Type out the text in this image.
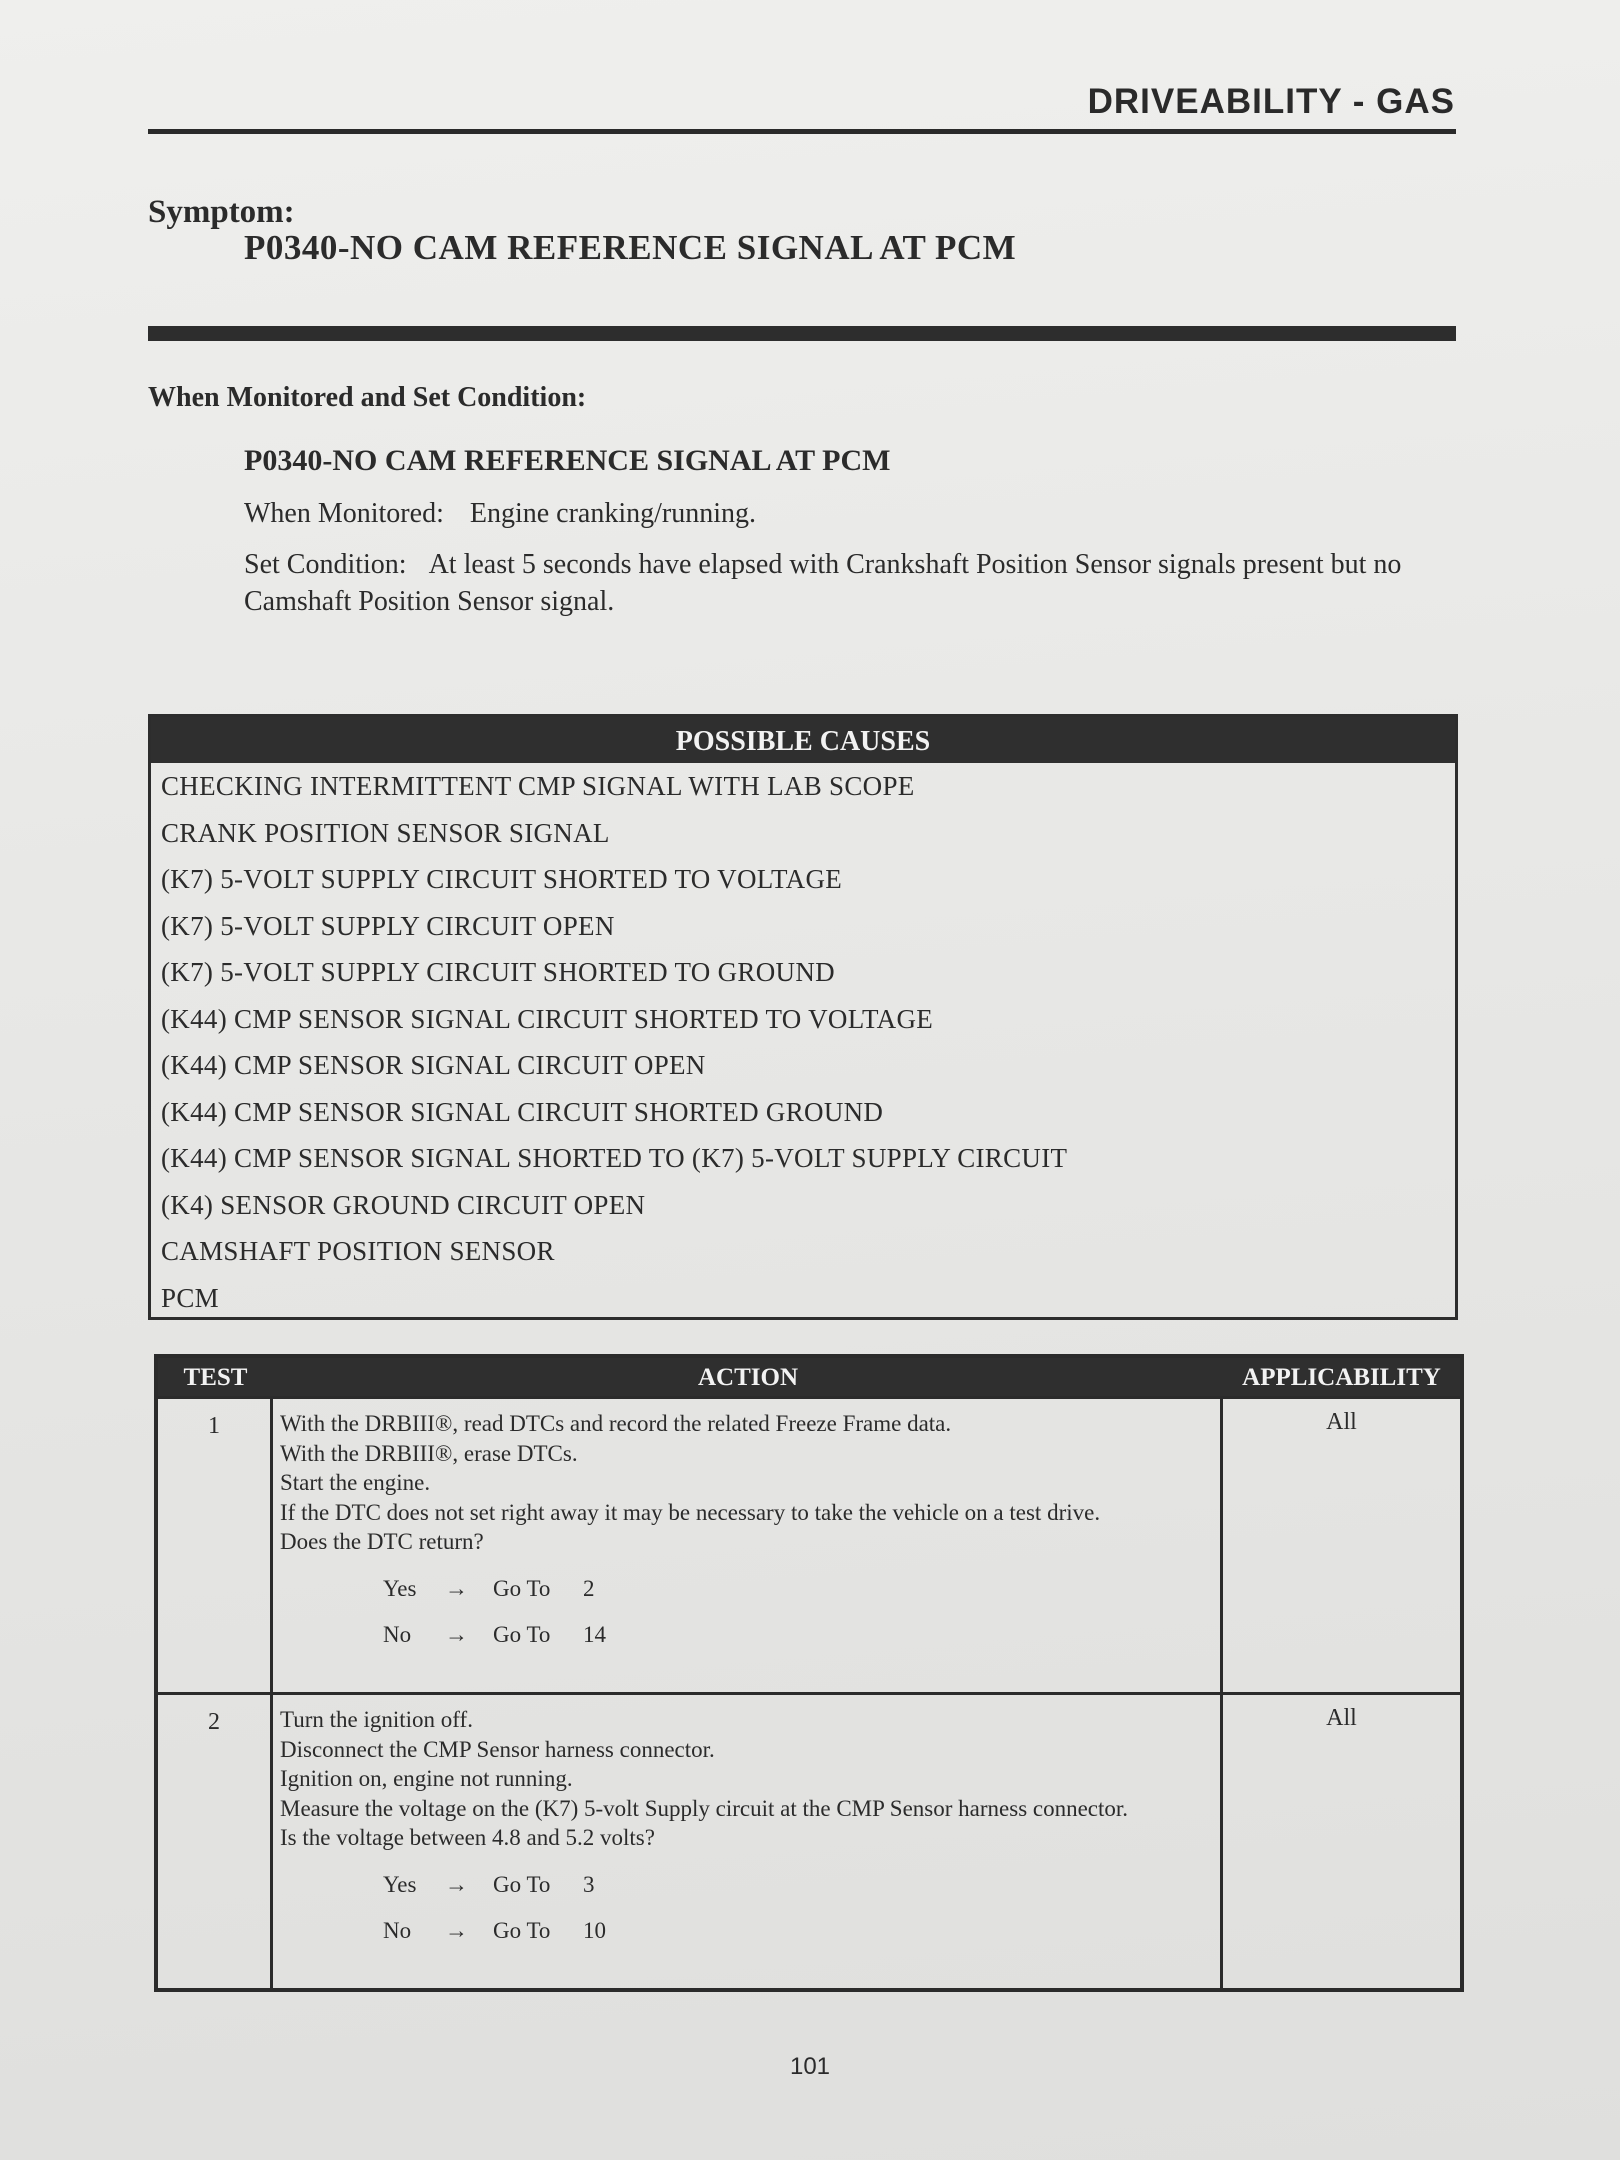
DRIVEABILITY - GAS
Symptom:
P0340-NO CAM REFERENCE SIGNAL AT PCM
When Monitored and Set Condition:
P0340-NO CAM REFERENCE SIGNAL AT PCM
When Monitored: Engine cranking/running.
Set Condition: At least 5 seconds have elapsed with Crankshaft Position Sensor signals present but no Camshaft Position Sensor signal.
POSSIBLE CAUSES
CHECKING INTERMITTENT CMP SIGNAL WITH LAB SCOPE
CRANK POSITION SENSOR SIGNAL
(K7) 5-VOLT SUPPLY CIRCUIT SHORTED TO VOLTAGE
(K7) 5-VOLT SUPPLY CIRCUIT OPEN
(K7) 5-VOLT SUPPLY CIRCUIT SHORTED TO GROUND
(K44) CMP SENSOR SIGNAL CIRCUIT SHORTED TO VOLTAGE
(K44) CMP SENSOR SIGNAL CIRCUIT OPEN
(K44) CMP SENSOR SIGNAL CIRCUIT SHORTED GROUND
(K44) CMP SENSOR SIGNAL SHORTED TO (K7) 5-VOLT SUPPLY CIRCUIT
(K4) SENSOR GROUND CIRCUIT OPEN
CAMSHAFT POSITION SENSOR
PCM
TEST	ACTION	APPLICABILITY
1	With the DRBIII®, read DTCs and record the related Freeze Frame data.
With the DRBIII®, erase DTCs.
Start the engine.
If the DTC does not set right away it may be necessary to take the vehicle on a test drive.
Does the DTC return?
Yes	→	Go To	2
No	→	Go To	14
All
2	Turn the ignition off.
Disconnect the CMP Sensor harness connector.
Ignition on, engine not running.
Measure the voltage on the (K7) 5-volt Supply circuit at the CMP Sensor harness connector.
Is the voltage between 4.8 and 5.2 volts?
Yes	→	Go To	3
No	→	Go To	10
All
101
